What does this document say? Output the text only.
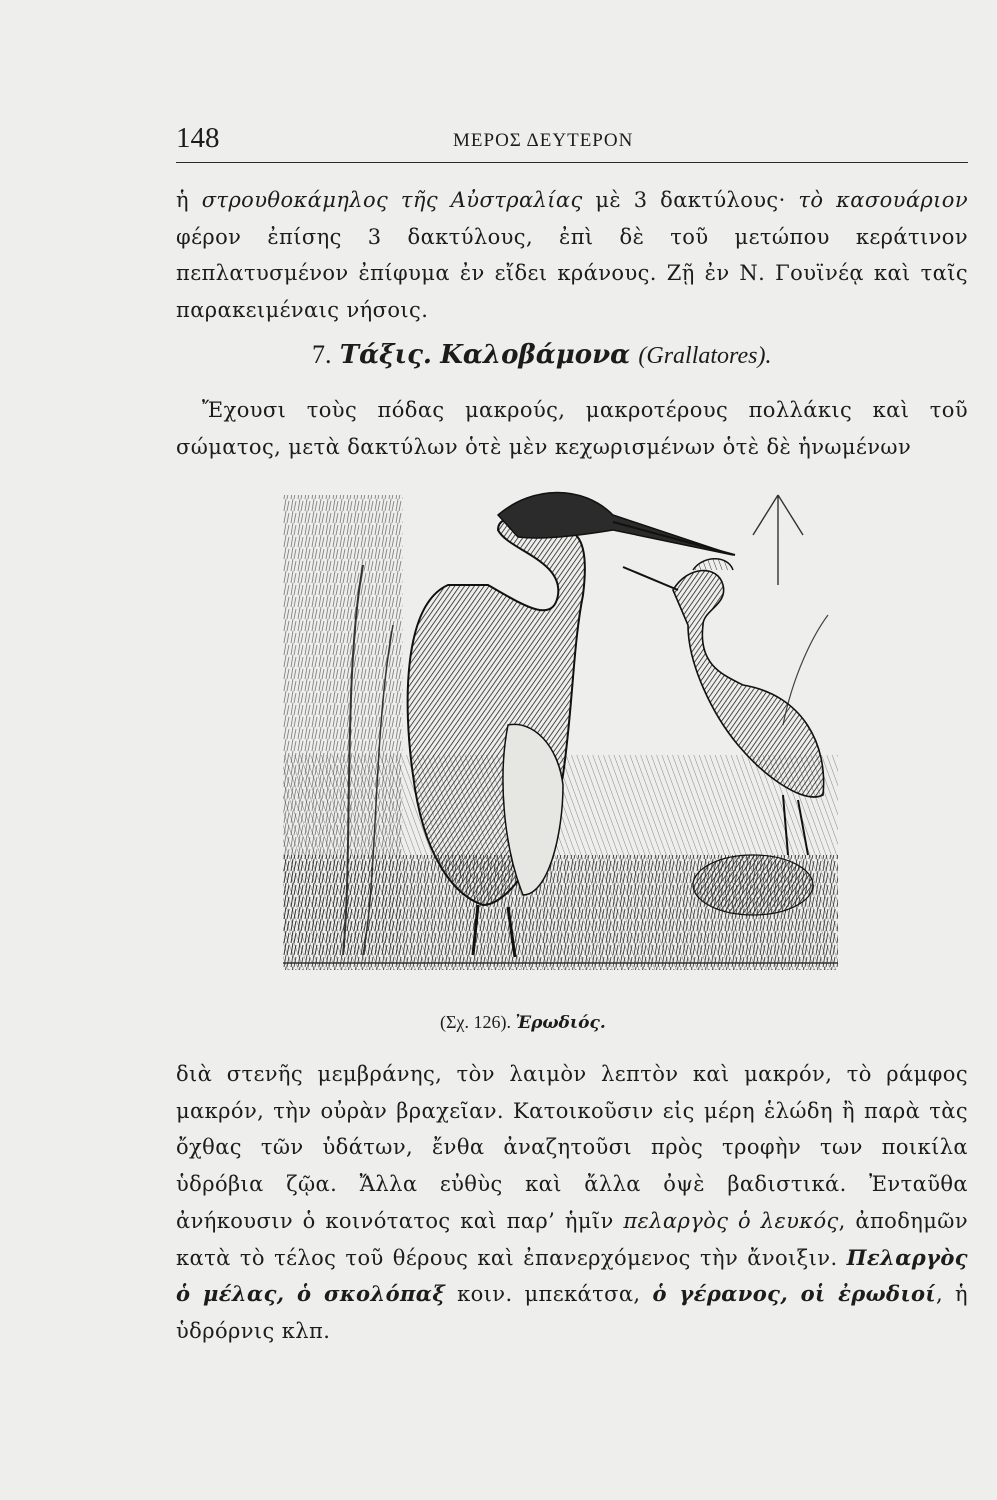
148	ΜΕΡΟΣ ΔΕΥΤΕΡΟΝ

ἡ στρουθοκάμηλος τῆς Αὐστραλίας μὲ 3 δακτύλους· τὸ κασουάριον φέρον ἐπίσης 3 δακτύλους, ἐπὶ δὲ τοῦ μετώπου κεράτινον πεπλατυσμένον ἐπίφυμα ἐν εἴδει κράνους. Ζῇ ἐν Ν. Γουϊνέᾳ καὶ ταῖς παρακειμέναις νήσοις.

7. Τάξις. Καλοβάμονα (Grallatores).

Ἔχουσι τοὺς πόδας μακρούς, μακροτέρους πολλάκις καὶ τοῦ σώματος, μετὰ δακτύλων ὁτὲ μὲν κεχωρισμένων ὁτὲ δὲ ἡνωμένων

(Σχ. 126). Ἐρωδιός.

διὰ στενῆς μεμβράνης, τὸν λαιμὸν λεπτὸν καὶ μακρόν, τὸ ράμφος μακρόν, τὴν οὐρὰν βραχεῖαν. Κατοικοῦσιν εἰς μέρη ἑλώδη ἢ παρὰ τὰς ὄχθας τῶν ὑδάτων, ἔνθα ἀναζητοῦσι πρὸς τροφὴν των ποικίλα ὑδρόβια ζῷα. Ἄλλα εὐθὺς καὶ ἄλλα ὀψὲ βαδιστικά. Ἐνταῦθα ἀνήκουσιν ὁ κοινότατος καὶ παρ’ ἡμῖν πελαργὸς ὁ λευκός, ἀποδημῶν κατὰ τὸ τέλος τοῦ θέρους καὶ ἐπανερχόμενος τὴν ἄνοιξιν. Πελαργὸς ὁ μέλας, ὁ σκολόπαξ κοιν. μπεκάτσα, ὁ γέρανος, οἱ ἐρωδιοί, ἡ ὑδρόρνις κλπ.
